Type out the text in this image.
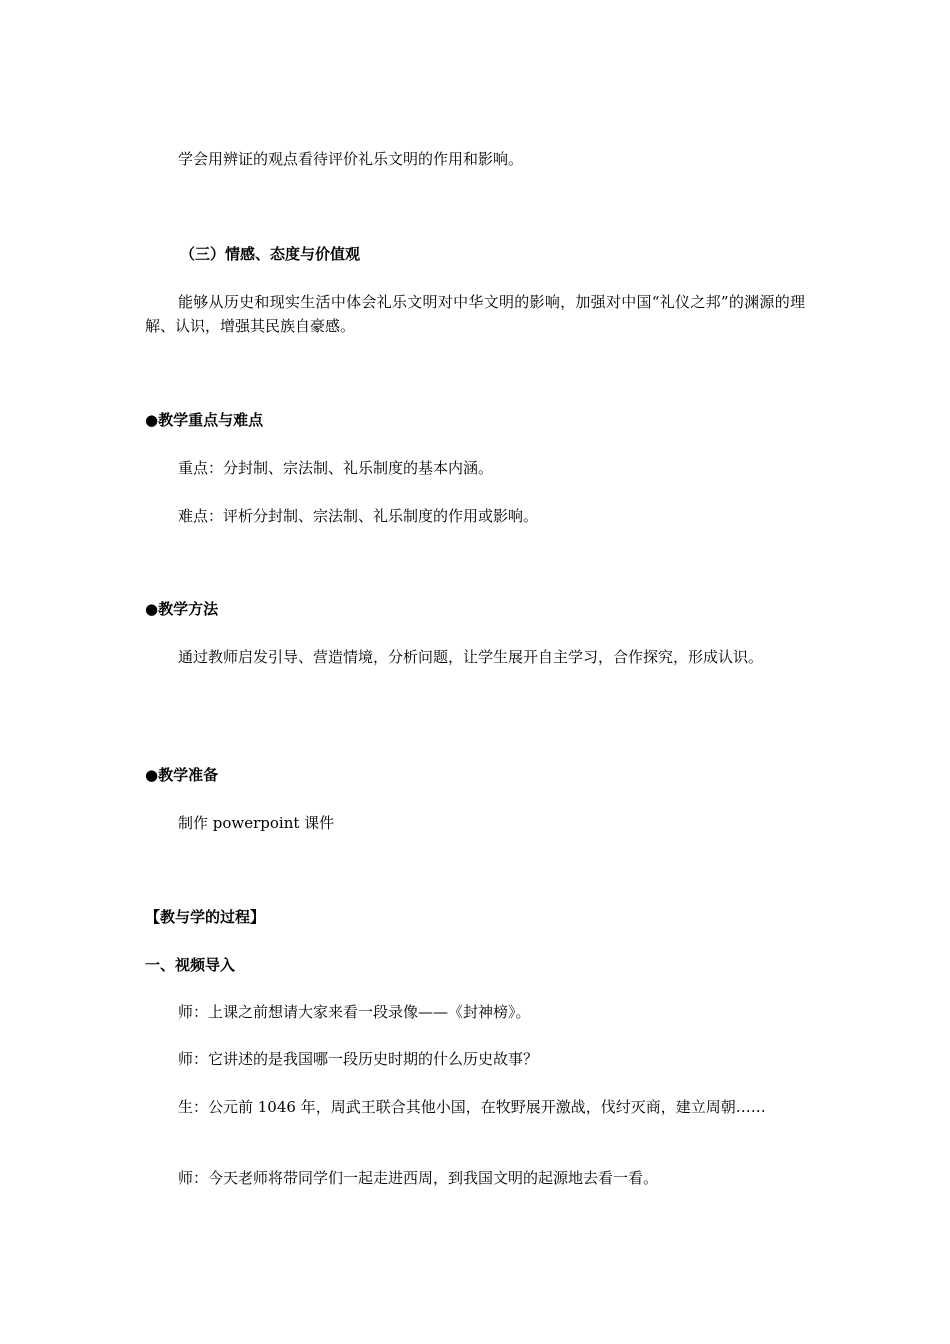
学会用辨证的观点看待评价礼乐文明的作用和影响。
（三）情感、态度与价值观
能够从历史和现实生活中体会礼乐文明对中华文明的影响，加强对中国“礼仪之邦”的渊源的理解、认识，增强其民族自豪感。
●教学重点与难点
重点：分封制、宗法制、礼乐制度的基本内涵。
难点：评析分封制、宗法制、礼乐制度的作用或影响。
●教学方法
通过教师启发引导、营造情境，分析问题，让学生展开自主学习，合作探究，形成认识。
●教学准备
制作 powerpoint 课件
【教与学的过程】
一、视频导入
师：上课之前想请大家来看一段录像——《封神榜》。
师：它讲述的是我国哪一段历史时期的什么历史故事？
生：公元前 1046 年，周武王联合其他小国，在牧野展开激战，伐纣灭商，建立周朝……
师：今天老师将带同学们一起走进西周，到我国文明的起源地去看一看。
